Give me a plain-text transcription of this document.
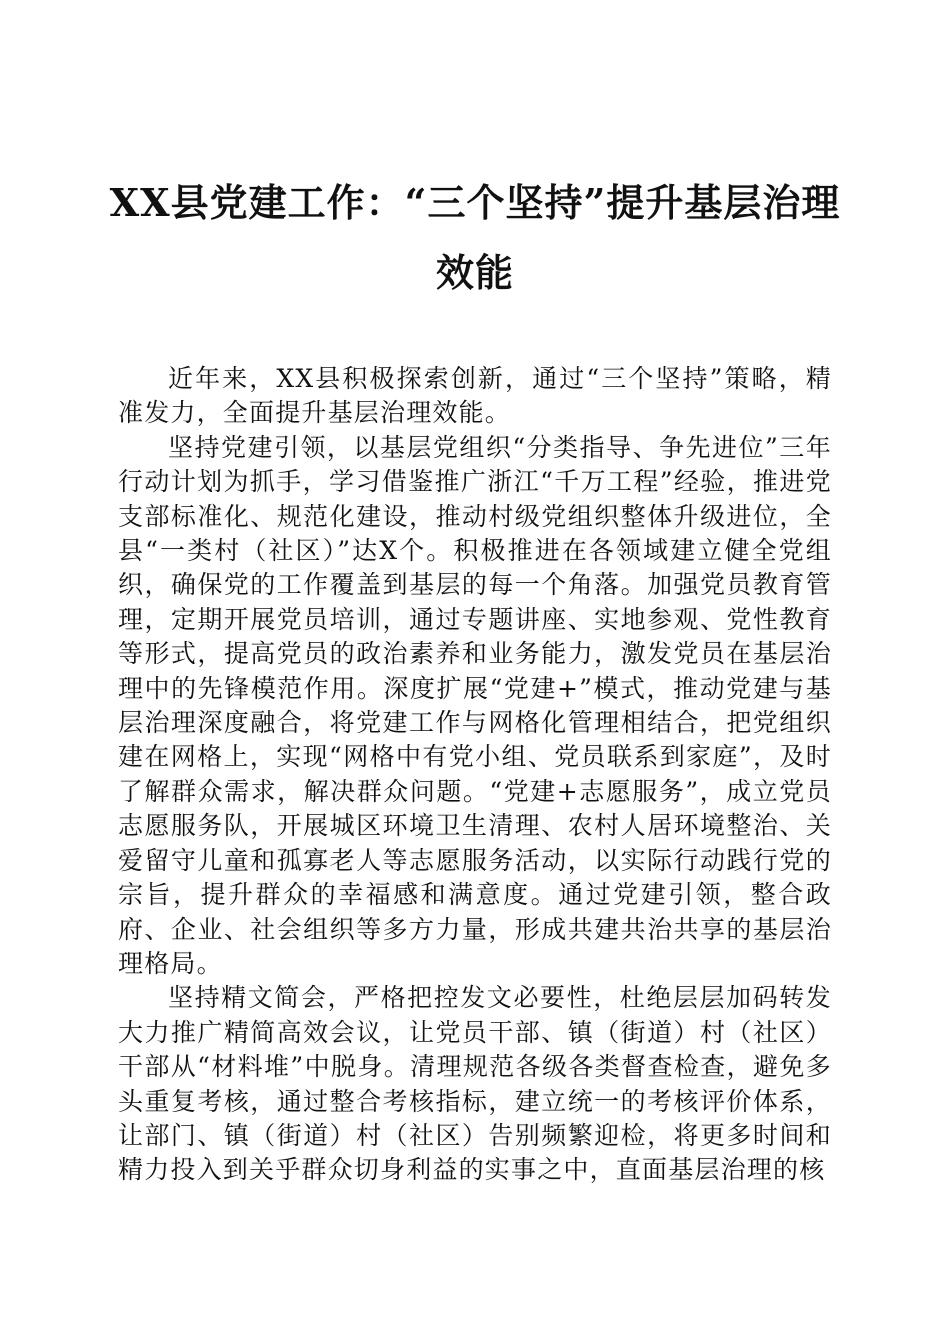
XX县党建工作：“三个坚持”提升基层治理
效能

近年来，XX县积极探索创新，通过“三个坚持”策略，精准发力，全面提升基层治理效能。

坚持党建引领，以基层党组织“分类指导、争先进位”三年行动计划为抓手，学习借鉴推广浙江“千万工程”经验，推进党支部标准化、规范化建设，推动村级党组织整体升级进位，全县“一类村（社区）”达X个。积极推进在各领域建立健全党组织，确保党的工作覆盖到基层的每一个角落。加强党员教育管理，定期开展党员培训，通过专题讲座、实地参观、党性教育等形式，提高党员的政治素养和业务能力，激发党员在基层治理中的先锋模范作用。深度扩展“党建+”模式，推动党建与基层治理深度融合，将党建工作与网格化管理相结合，把党组织建在网格上，实现“网格中有党小组、党员联系到家庭”，及时了解群众需求，解决群众问题。“党建+志愿服务”，成立党员志愿服务队，开展城区环境卫生清理、农村人居环境整治、关爱留守儿童和孤寡老人等志愿服务活动，以实际行动践行党的宗旨，提升群众的幸福感和满意度。通过党建引领，整合政府、企业、社会组织等多方力量，形成共建共治共享的基层治理格局。

坚持精文简会，严格把控发文必要性，杜绝层层加码转发大力推广精简高效会议，让党员干部、镇（街道）村（社区）干部从“材料堆”中脱身。清理规范各级各类督查检查，避免多头重复考核，通过整合考核指标，建立统一的考核评价体系，让部门、镇（街道）村（社区）告别频繁迎检，将更多时间和精力投入到关乎群众切身利益的实事之中，直面基层治理的核
